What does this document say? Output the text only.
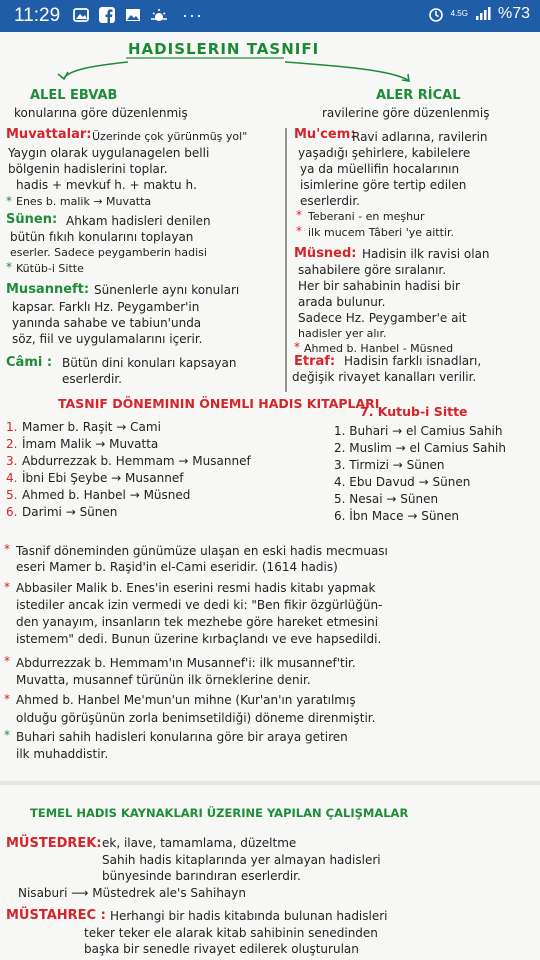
11:29	···	4.5G %73
HADISLERIN TASNIFI
ALEL EBVAB
konularına göre düzenlenmiş
Muvattalar: Üzerinde çok yürünmüş yol"
Yaygın olarak uygulanagelen belli
bölgenin hadislerini toplar.
hadis + mevkuf h. + maktu h.
* Enes b. malik → Muvatta
Sünen: Ahkam hadisleri denilen
bütün fıkıh konularını toplayan
eserler. Sadece peygamberin hadisi
* Kütüb-i Sitte
Musanneft: Sünenlerle aynı konuları
kapsar. Farklı Hz. Peygamber'in
yanında sahabe ve tabiun'unda
söz, fiil ve uygulamalarını içerir.
Câmi : Bütün dini konuları kapsayan
eserlerdir.
ALER RİCAL
ravilerine göre düzenlenmiş
Mu'cem:
Ravi adlarına, ravilerin
yaşadığı şehirlere, kabilelere
ya da müellifin hocalarının
isimlerine göre tertip edilen
eserlerdir.
* Teberani - en meşhur
* ilk mucem Tâberi 'ye aittir.
Müsned: Hadisin ilk ravisi olan
sahabilere göre sıralanır.
Her bir sahabinin hadisi bir
arada bulunur.
Sadece Hz. Peygamber'e ait
hadisler yer alır.
* Ahmed b. Hanbel - Müsned
Etraf: Hadisin farklı isnadları,
değişik rivayet kanalları verilir.
TASNIF DÖNEMININ ÖNEMLI HADIS KITAPLARI
7. Kutub-i Sitte
1. Mamer b. Raşit → Cami
2. İmam Malik → Muvatta
3. Abdurrezzak b. Hemmam → Musannef
4. İbni Ebi Şeybe → Musannef
5. Ahmed b. Hanbel → Müsned
6. Darimi → Sünen
1. Buhari → el Camius Sahih
2. Muslim → el Camius Sahih
3. Tirmizi → Sünen
4. Ebu Davud → Sünen
5. Nesai → Sünen
6. İbn Mace → Sünen
* Tasnif döneminden günümüze ulaşan en eski hadis mecmuası
eseri Mamer b. Raşid'in el-Cami eseridir. (1614 hadis)
* Abbasiler Malik b. Enes'in eserini resmi hadis kitabı yapmak
istediler ancak izin vermedi ve dedi ki: "Ben fikir özgürlüğün-
den yanayım, insanların tek mezhebe göre hareket etmesini
istemem" dedi. Bunun üzerine kırbaçlandı ve eve hapsedildi.
* Abdurrezzak b. Hemmam'ın Musannef'i: ilk musannef'tir.
Muvatta, musannef türünün ilk örneklerine denir.
* Ahmed b. Hanbel Me'mun'un mihne (Kur'an'ın yaratılmış
olduğu görüşünün zorla benimsetildiği) döneme direnmiştir.
* Buhari sahih hadisleri konularına göre bir araya getiren
ilk muhaddistir.
TEMEL HADIS KAYNAKLARI ÜZERINE YAPILAN ÇALIŞMALAR
MÜSTEDREK: ek, ilave, tamamlama, düzeltme
Sahih hadis kitaplarında yer almayan hadisleri
bünyesinde barındıran eserlerdir.
Nisaburi ⟶ Müstedrek ale's Sahihayn
MÜSTAHREC : Herhangi bir hadis kitabında bulunan hadisleri
teker teker ele alarak kitab sahibinin senedinden
başka bir senedle rivayet edilerek oluşturulan
